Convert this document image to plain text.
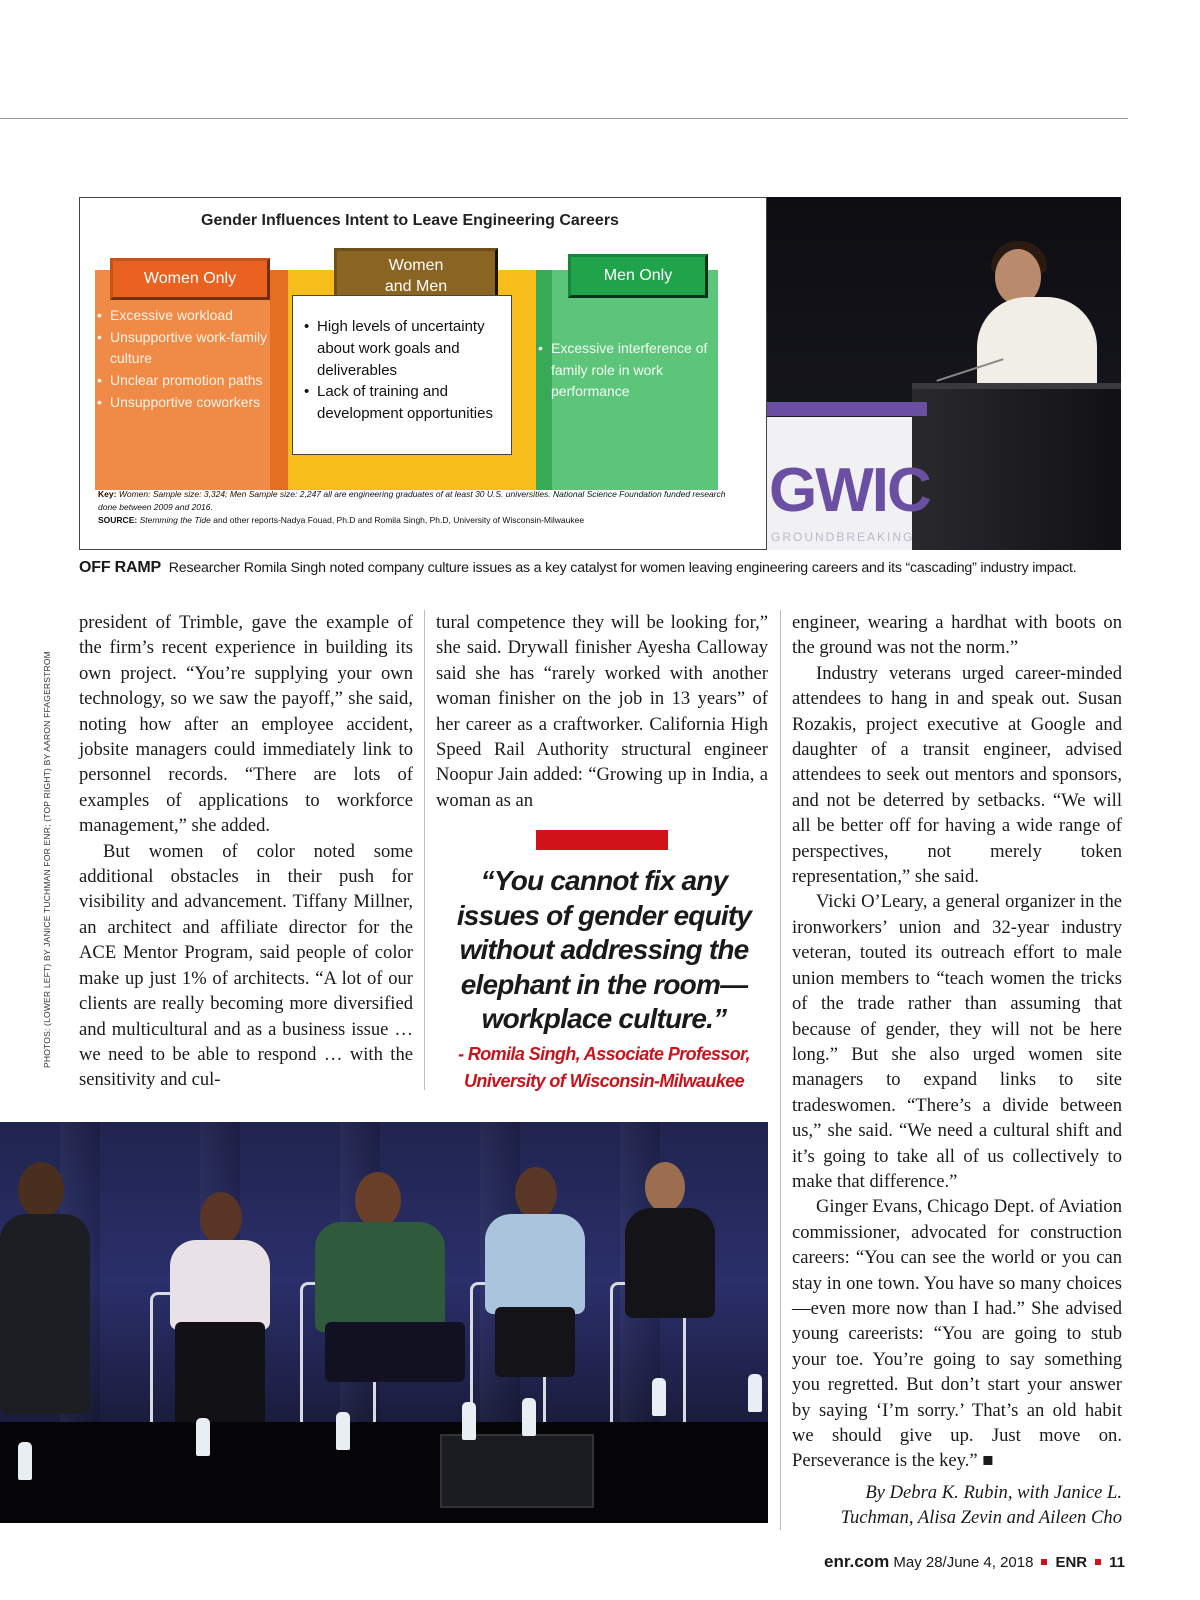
Gender Influences Intent to Leave Engineering Careers
Women Only
Women
and Men
Men Only
• Excessive workload
• Unsupportive work-family culture
• Unclear promotion paths
• Unsupportive coworkers
• High levels of uncertainty about work goals and deliverables
• Lack of training and development opportunities
• Excessive interference of family role in work performance
Key: Women: Sample size: 3,324; Men Sample size: 2,247 all are engineering graduates of at least 30 U.S. universities. National Science Foundation funded research done between 2009 and 2016.
SOURCE: Stemming the Tide and other reports-Nadya Fouad, Ph.D and Romila Singh, Ph.D, University of Wisconsin-Milwaukee	GWIC
GROUNDBREAKING
OFF RAMP Researcher Romila Singh noted company culture issues as a key catalyst for women leaving engineering careers and its “cascading” industry impact.
PHOTOS: (LOWER LEFT) BY JANICE TUCHMAN FOR ENR; (TOP RIGHT) BY AARON FFAGERSTROM

president of Trimble, gave the example of the firm’s recent experience in building its own project. “You’re supplying your own technology, so we saw the payoff,” she said, noting how after an employee accident, jobsite managers could immediately link to personnel records. “There are lots of examples of applications to workforce management,” she added.

But women of color noted some additional obstacles in their push for visibility and advancement. Tiffany Millner, an architect and affiliate director for the ACE Mentor Program, said people of color make up just 1% of architects. “A lot of our clients are really becoming more diversified and multicultural and as a business issue … we need to be able to respond … with the sensitivity and cul-

tural competence they will be looking for,” she said. Drywall finisher Ayesha Calloway said she has “rarely worked with another woman finisher on the job in 13 years” of her career as a craftworker. California High Speed Rail Authority structural engineer Noopur Jain added: “Growing up in India, a woman as an

“You cannot fix any issues of gender equity without addressing the elephant in the room—workplace culture.”
- Romila Singh, Associate Professor,
University of Wisconsin-Milwaukee

engineer, wearing a hardhat with boots on the ground was not the norm.”

Industry veterans urged career-minded attendees to hang in and speak out. Susan Rozakis, project executive at Google and daughter of a transit engineer, advised attendees to seek out mentors and sponsors, and not be deterred by setbacks. “We will all be better off for having a wide range of perspectives, not merely token representation,” she said.

Vicki O’Leary, a general organizer in the ironworkers’ union and 32-year industry veteran, touted its outreach effort to male union members to “teach women the tricks of the trade rather than assuming that because of gender, they will not be here long.” But she also urged women site managers to expand links to site tradeswomen. “There’s a divide between us,” she said. “We need a cultural shift and it’s going to take all of us collectively to make that difference.”

Ginger Evans, Chicago Dept. of Aviation commissioner, advocated for construction careers: “You can see the world or you can stay in one town. You have so many choices—even more now than I had.” She advised young careerists: “You are going to stub your toe. You’re going to say something you regretted. But don’t start your answer by saying ‘I’m sorry.’ That’s an old habit we should give up. Just move on. Perseverance is the key.” ■

By Debra K. Rubin, with Janice L.
Tuchman, Alisa Zevin and Aileen Cho
enr.com May 28/June 4, 2018 ENR 11
